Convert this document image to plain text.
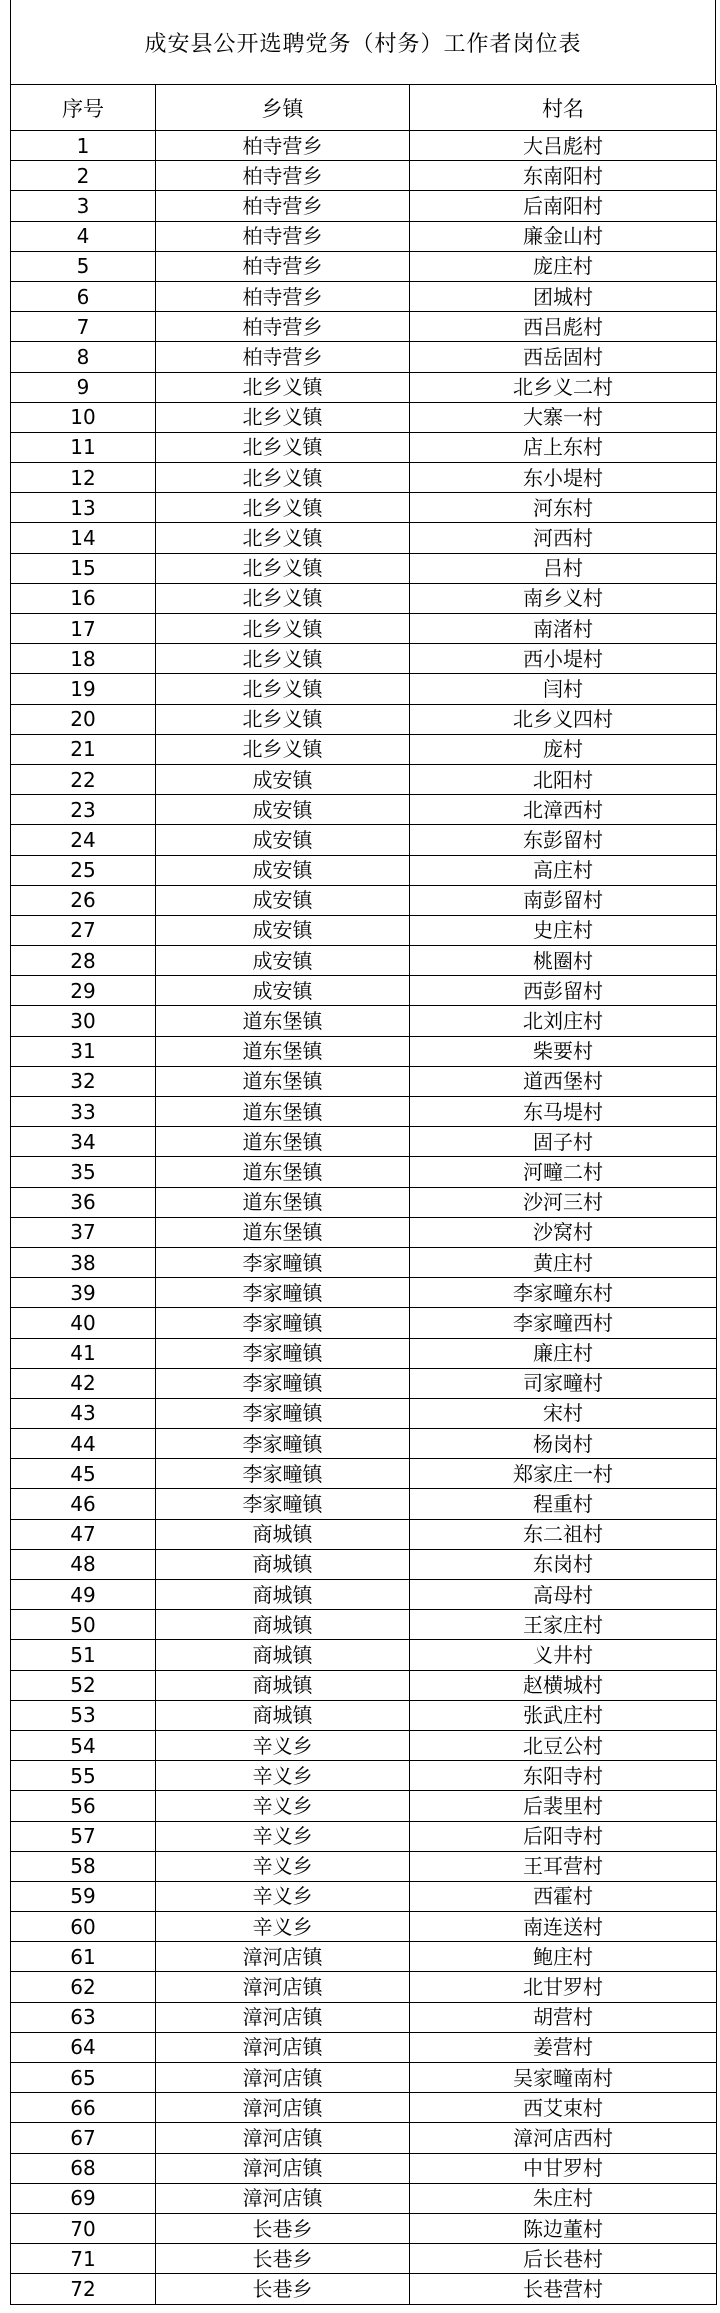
成安县公开选聘党务（村务）工作者岗位表
序号	乡镇	村名
1	柏寺营乡	大吕彪村
2	柏寺营乡	东南阳村
3	柏寺营乡	后南阳村
4	柏寺营乡	廉金山村
5	柏寺营乡	庞庄村
6	柏寺营乡	团城村
7	柏寺营乡	西吕彪村
8	柏寺营乡	西岳固村
9	北乡义镇	北乡义二村
10	北乡义镇	大寨一村
11	北乡义镇	店上东村
12	北乡义镇	东小堤村
13	北乡义镇	河东村
14	北乡义镇	河西村
15	北乡义镇	吕村
16	北乡义镇	南乡义村
17	北乡义镇	南渚村
18	北乡义镇	西小堤村
19	北乡义镇	闫村
20	北乡义镇	北乡义四村
21	北乡义镇	庞村
22	成安镇	北阳村
23	成安镇	北漳西村
24	成安镇	东彭留村
25	成安镇	高庄村
26	成安镇	南彭留村
27	成安镇	史庄村
28	成安镇	桃圈村
29	成安镇	西彭留村
30	道东堡镇	北刘庄村
31	道东堡镇	柴要村
32	道东堡镇	道西堡村
33	道东堡镇	东马堤村
34	道东堡镇	固子村
35	道东堡镇	河疃二村
36	道东堡镇	沙河三村
37	道东堡镇	沙窝村
38	李家疃镇	黄庄村
39	李家疃镇	李家疃东村
40	李家疃镇	李家疃西村
41	李家疃镇	廉庄村
42	李家疃镇	司家疃村
43	李家疃镇	宋村
44	李家疃镇	杨岗村
45	李家疃镇	郑家庄一村
46	李家疃镇	程重村
47	商城镇	东二祖村
48	商城镇	东岗村
49	商城镇	高母村
50	商城镇	王家庄村
51	商城镇	义井村
52	商城镇	赵横城村
53	商城镇	张武庄村
54	辛义乡	北豆公村
55	辛义乡	东阳寺村
56	辛义乡	后裴里村
57	辛义乡	后阳寺村
58	辛义乡	王耳营村
59	辛义乡	西霍村
60	辛义乡	南连送村
61	漳河店镇	鲍庄村
62	漳河店镇	北甘罗村
63	漳河店镇	胡营村
64	漳河店镇	姜营村
65	漳河店镇	吴家疃南村
66	漳河店镇	西艾束村
67	漳河店镇	漳河店西村
68	漳河店镇	中甘罗村
69	漳河店镇	朱庄村
70	长巷乡	陈边董村
71	长巷乡	后长巷村
72	长巷乡	长巷营村
